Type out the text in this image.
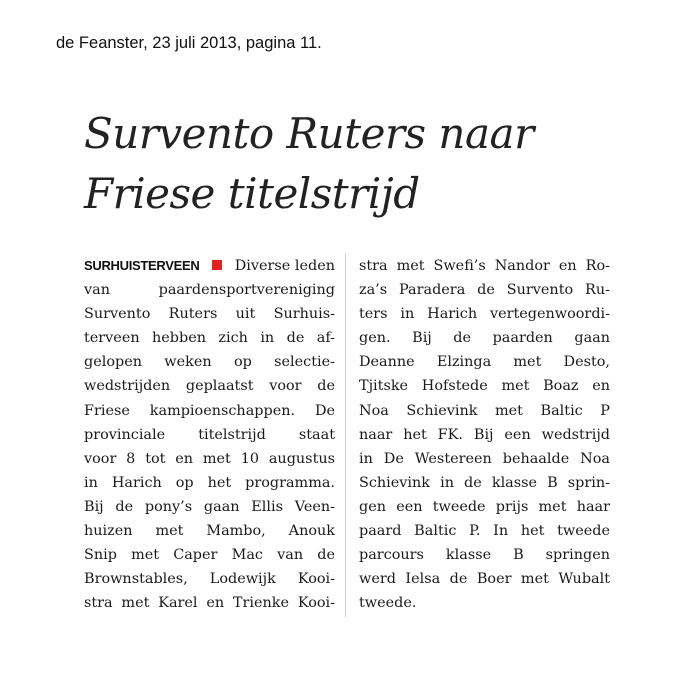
de Feanster, 23 juli 2013, pagina 11.
Survento Ruters naar
Friese titelstrijd
SURHUISTERVEEN Diverse leden
van paardensportvereniging
Survento Ruters uit Surhuis-
terveen hebben zich in de af-
gelopen weken op selectie-
wedstrijden geplaatst voor de
Friese kampioenschappen. De
provinciale titelstrijd staat
voor 8 tot en met 10 augustus
in Harich op het programma.
Bij de pony’s gaan Ellis Veen-
huizen met Mambo, Anouk
Snip met Caper Mac van de
Brownstables, Lodewijk Kooi-
stra met Karel en Trienke Kooi-
stra met Swefi’s Nandor en Ro-
za’s Paradera de Survento Ru-
ters in Harich vertegenwoordi-
gen. Bij de paarden gaan
Deanne Elzinga met Desto,
Tjitske Hofstede met Boaz en
Noa Schievink met Baltic P
naar het FK. Bij een wedstrijd
in De Westereen behaalde Noa
Schievink in de klasse B sprin-
gen een tweede prijs met haar
paard Baltic P. In het tweede
parcours klasse B springen
werd Ielsa de Boer met Wubalt
tweede.
